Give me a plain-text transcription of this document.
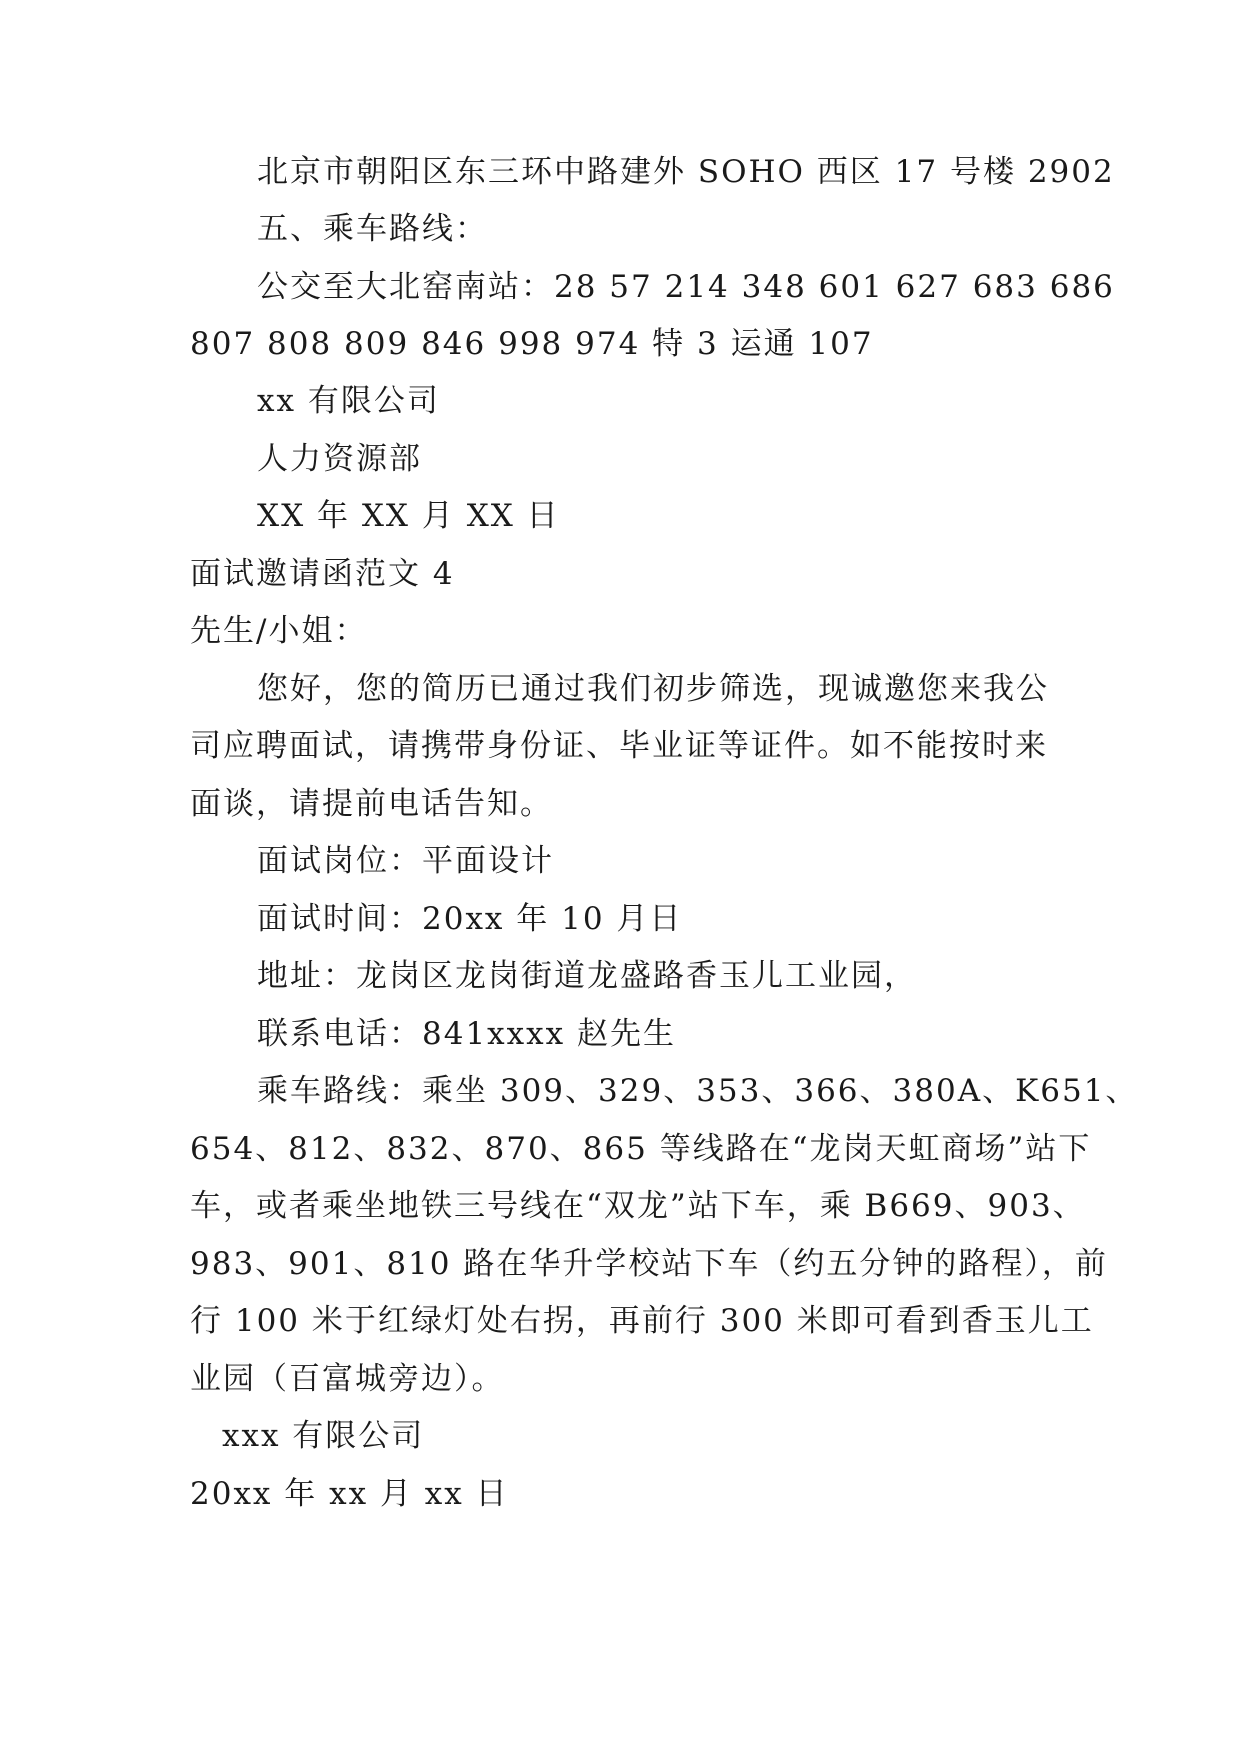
北京市朝阳区东三环中路建外 SOHO 西区 17 号楼 2902
五、乘车路线：
公交至大北窑南站：28 57 214 348 601 627 683 686
807 808 809 846 998 974 特 3 运通 107
xx 有限公司
人力资源部
XX 年 XX 月 XX 日
面试邀请函范文 4
先生/小姐：
您好，您的简历已通过我们初步筛选，现诚邀您来我公
司应聘面试，请携带身份证、毕业证等证件。如不能按时来
面谈，请提前电话告知。
面试岗位：平面设计
面试时间：20xx 年 10 月日
地址：龙岗区龙岗街道龙盛路香玉儿工业园，
联系电话：841xxxx 赵先生
乘车路线：乘坐 309、329、353、366、380A、K651、
654、812、832、870、865 等线路在“龙岗天虹商场”站下
车，或者乘坐地铁三号线在“双龙”站下车，乘 B669、903、
983、901、810 路在华升学校站下车（约五分钟的路程），前
行 100 米于红绿灯处右拐，再前行 300 米即可看到香玉儿工
业园（百富城旁边）。
xxx 有限公司
20xx 年 xx 月 xx 日
